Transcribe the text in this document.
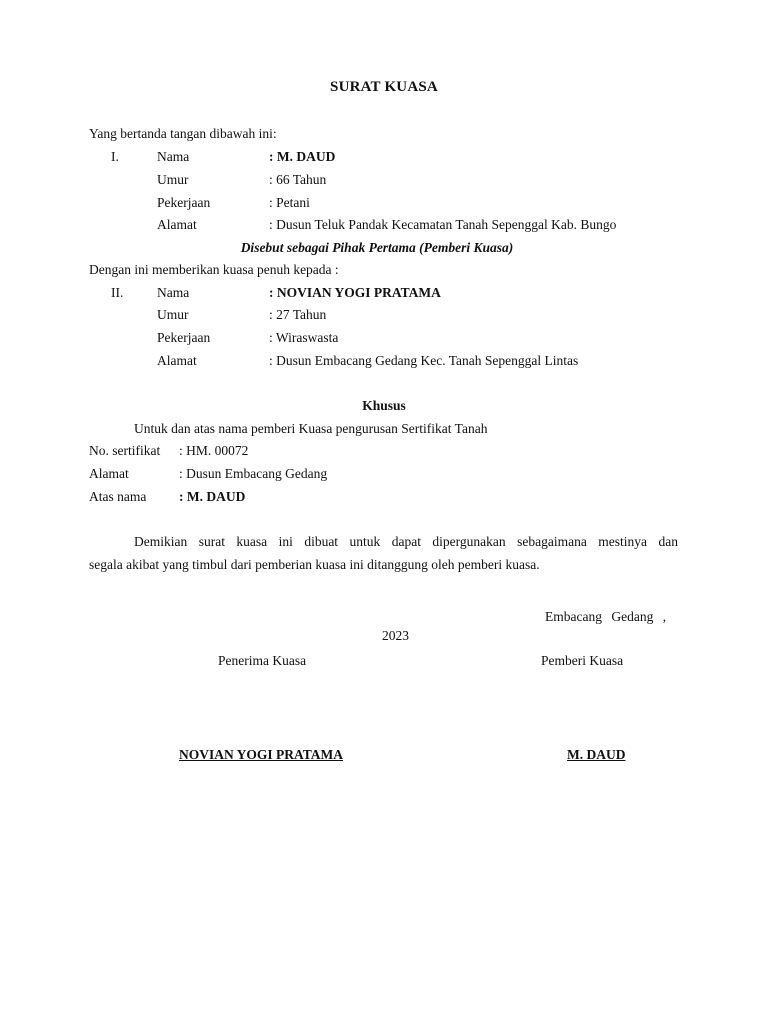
SURAT KUASA
Yang bertanda tangan dibawah ini:
I.	Nama	: M. DAUD
Umur	: 66 Tahun
Pekerjaan	: Petani
Alamat	: Dusun Teluk Pandak Kecamatan Tanah Sepenggal Kab. Bungo
Disebut sebagai Pihak Pertama (Pemberi Kuasa)
Dengan ini memberikan kuasa penuh kepada :
II. Nama	: NOVIAN YOGI PRATAMA
Umur	: 27 Tahun
Pekerjaan	: Wiraswasta
Alamat	: Dusun Embacang Gedang Kec. Tanah Sepenggal Lintas
Khusus
Untuk dan atas nama pemberi Kuasa pengurusan Sertifikat Tanah
No. sertifikat : HM. 00072
Alamat	: Dusun Embacang Gedang
Atas nama : M. DAUD
Demikian surat kuasa ini dibuat untuk dapat dipergunakan sebagaimana mestinya dan
segala akibat yang timbul dari pemberian kuasa ini ditanggung oleh pemberi kuasa.
Embacang Gedang ,
2023
Penerima Kuasa	Pemberi Kuasa
NOVIAN YOGI PRATAMA	M. DAUD
